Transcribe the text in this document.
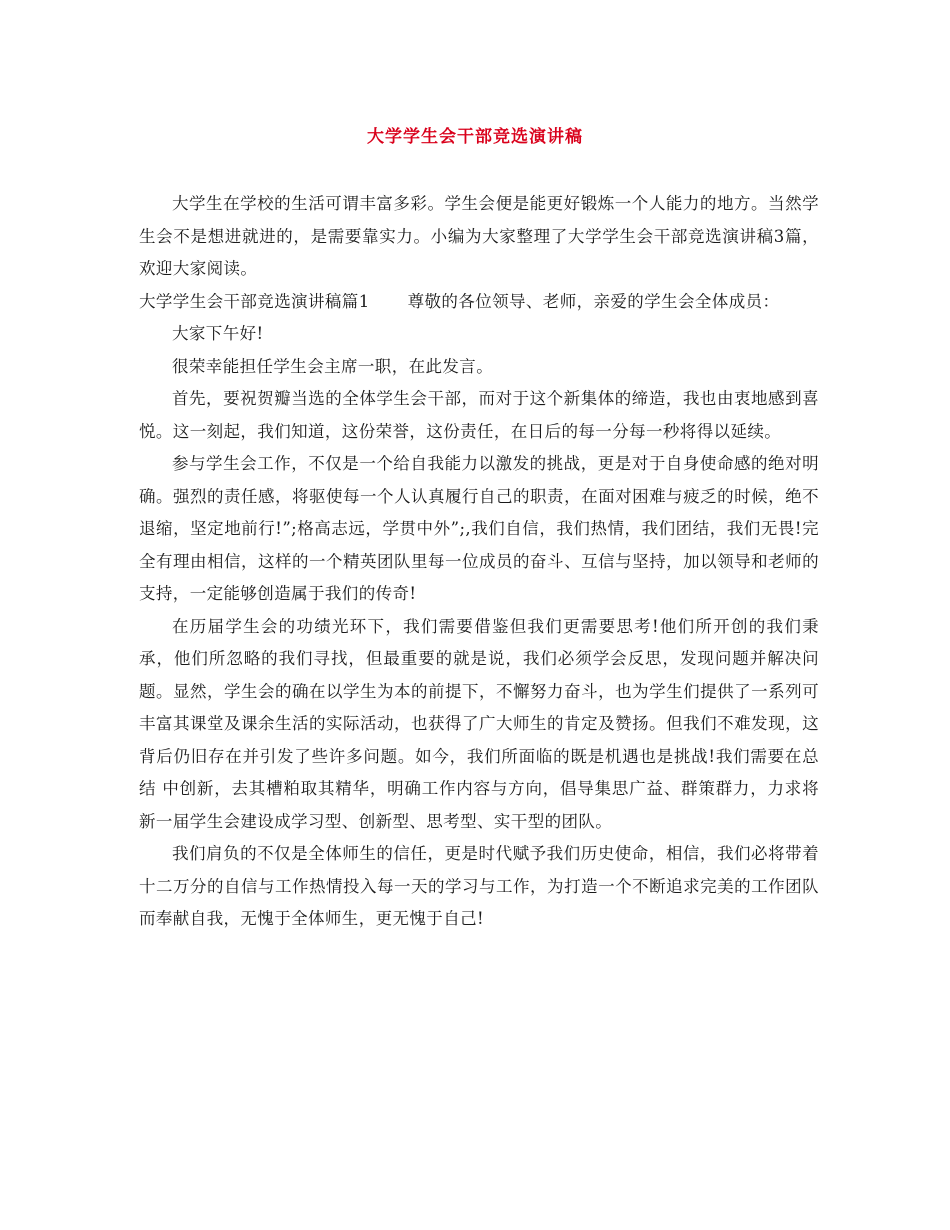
大学学生会干部竞选演讲稿

大学生在学校的生活可谓丰富多彩。学生会便是能更好锻炼一个人能力的地方。当然学生会不是想进就进的，是需要靠实力。小编为大家整理了大学学生会干部竞选演讲稿3篇，欢迎大家阅读。

大学学生会干部竞选演讲稿篇1 尊敬的各位领导、老师，亲爱的学生会全体成员：

大家下午好!

很荣幸能担任学生会主席一职，在此发言。

首先，要祝贺瓣当选的全体学生会干部，而对于这个新集体的缔造，我也由衷地感到喜悦。这一刻起，我们知道，这份荣誉，这份责任，在日后的每一分每一秒将得以延续。

参与学生会工作，不仅是一个给自我能力以激发的挑战，更是对于自身使命感的绝对明确。强烈的责任感，将驱使每一个人认真履行自己的职责，在面对困难与疲乏的时候，绝不退缩，坚定地前行!”;格高志远，学贯中外”;,我们自信，我们热情，我们团结，我们无畏!完全有理由相信，这样的一个精英团队里每一位成员的奋斗、互信与坚持，加以领导和老师的支持，一定能够创造属于我们的传奇!

在历届学生会的功绩光环下，我们需要借鉴但我们更需要思考!他们所开创的我们秉承，他们所忽略的我们寻找，但最重要的就是说，我们必须学会反思，发现问题并解决问题。显然，学生会的确在以学生为本的前提下，不懈努力奋斗，也为学生们提供了一系列可丰富其课堂及课余生活的实际活动，也获得了广大师生的肯定及赞扬。但我们不难发现，这背后仍旧存在并引发了些许多问题。如今，我们所面临的既是机遇也是挑战!我们需要在总结 中创新，去其槽粕取其精华，明确工作内容与方向，倡导集思广益、群策群力，力求将新一届学生会建设成学习型、创新型、思考型、实干型的团队。

我们肩负的不仅是全体师生的信任，更是时代赋予我们历史使命，相信，我们必将带着十二万分的自信与工作热情投入每一天的学习与工作，为打造一个不断追求完美的工作团队而奉献自我，无愧于全体师生，更无愧于自己!
